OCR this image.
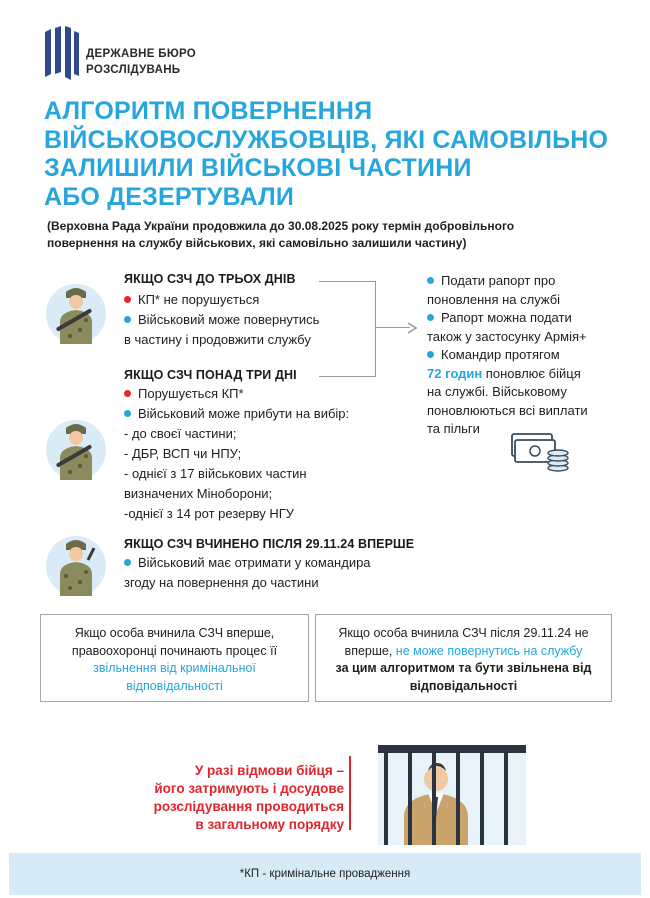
ДЕРЖАВНЕ БЮРО
РОЗСЛІДУВАНЬ
АЛГОРИТМ ПОВЕРНЕННЯ
ВІЙСЬКОВОСЛУЖБОВЦІВ, ЯКІ САМОВІЛЬНО
ЗАЛИШИЛИ ВІЙСЬКОВІ ЧАСТИНИ
АБО ДЕЗЕРТУВАЛИ
(Верховна Рада України продовжила до 30.08.2025 року термін добровільного
повернення на службу військових, які самовільно залишили частину)
ЯКЩО СЗЧ ДО ТРЬОХ ДНІВ
КП* не порушується
Військовий може повернутись
в частину і продовжити службу
ЯКЩО СЗЧ ПОНАД ТРИ ДНІ
Порушується КП*
Військовий може прибути на вибір:
- до своєї частини;
- ДБР, ВСП чи НПУ;
- однієї з 17 військових частин
визначених Міноборони;
-однієї з 14 рот резерву НГУ
Подати рапорт про
поновлення на службі
Рапорт можна подати
також у застосунку Армія+
Командир протягом
72 годин поновлює бійця
на службі. Військовому
поновлюються всі виплати
та пільги
ЯКЩО СЗЧ ВЧИНЕНО ПІСЛЯ 29.11.24 ВПЕРШЕ
Військовий має отримати у командира
згоду на повернення до частини
Якщо особа вчинила СЗЧ вперше,
правоохоронці починають процес її
звільнення від кримінальної
відповідальності
Якщо особа вчинила СЗЧ після 29.11.24 не
вперше, не може повернутись на службу
за цим алгоритмом та бути звільнена від
відповідальності
У разі відмови бійця –
його затримують і досудове
розслідування проводиться
в загальному порядку
*КП - кримінальне провадження
